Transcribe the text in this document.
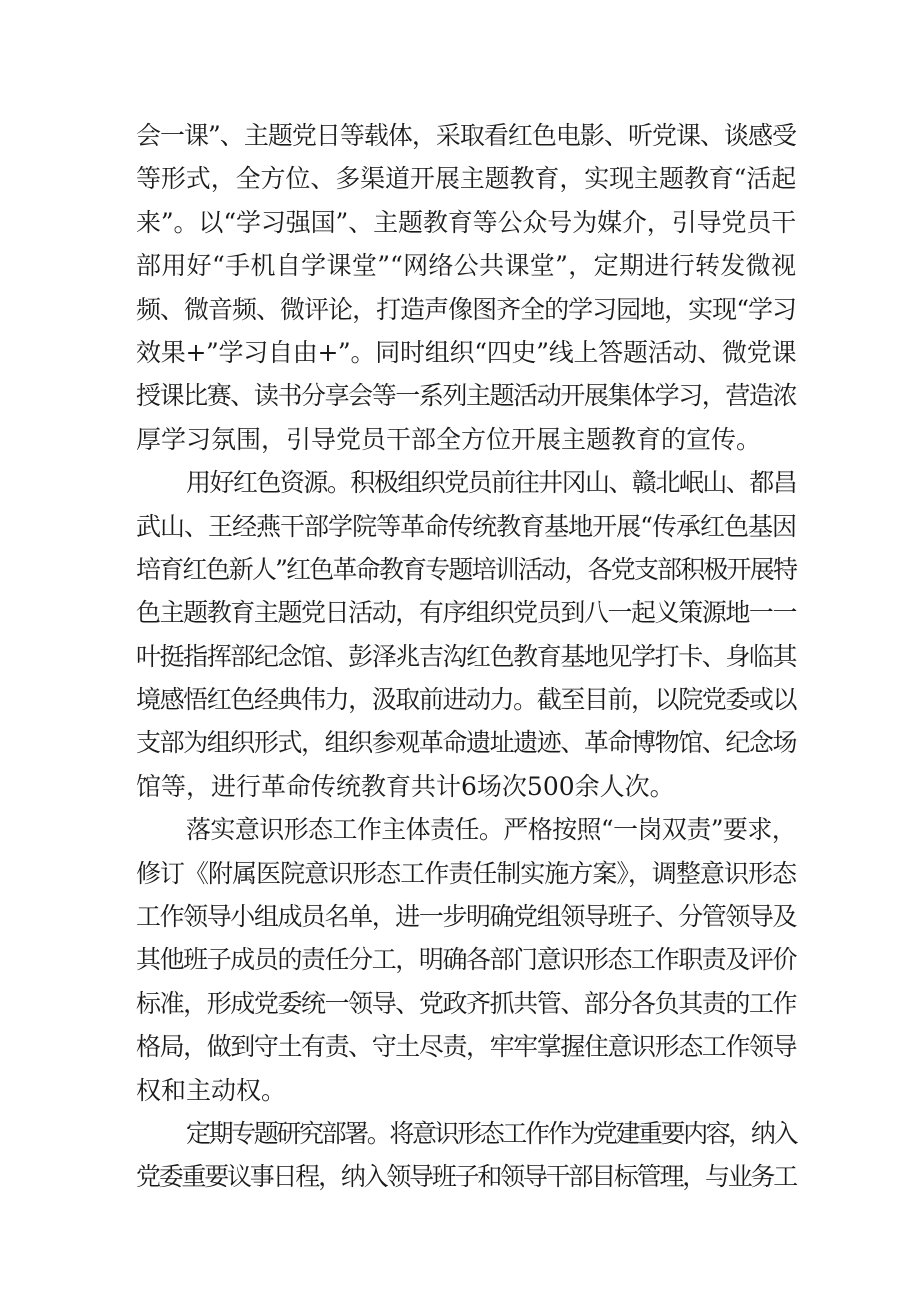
会一课”、主题党日等载体，采取看红色电影、听党课、谈感受
等形式，全方位、多渠道开展主题教育，实现主题教育“活起
来”。以“学习强国”、主题教育等公众号为媒介，引导党员干
部用好“手机自学课堂”“网络公共课堂”，定期进行转发微视
频、微音频、微评论，打造声像图齐全的学习园地，实现“学习
效果+”学习自由+”。同时组织“四史”线上答题活动、微党课
授课比赛、读书分享会等一系列主题活动开展集体学习，营造浓
厚学习氛围，引导党员干部全方位开展主题教育的宣传。
用好红色资源。积极组织党员前往井冈山、赣北岷山、都昌
武山、王经燕干部学院等革命传统教育基地开展“传承红色基因
培育红色新人”红色革命教育专题培训活动，各党支部积极开展特
色主题教育主题党日活动，有序组织党员到八一起义策源地一一
叶挺指挥部纪念馆、彭泽兆吉沟红色教育基地见学打卡、身临其
境感悟红色经典伟力，汲取前进动力。截至目前，以院党委或以
支部为组织形式，组织参观革命遗址遗迹、革命博物馆、纪念场
馆等，进行革命传统教育共计6场次500余人次。
落实意识形态工作主体责任。严格按照“一岗双责”要求，
修订《附属医院意识形态工作责任制实施方案》，调整意识形态
工作领导小组成员名单，进一步明确党组领导班子、分管领导及
其他班子成员的责任分工，明确各部门意识形态工作职责及评价
标准，形成党委统一领导、党政齐抓共管、部分各负其责的工作
格局，做到守土有责、守土尽责，牢牢掌握住意识形态工作领导
权和主动权。
定期专题研究部署。将意识形态工作作为党建重要内容，纳入
党委重要议事日程，纳入领导班子和领导干部目标管理，与业务工
